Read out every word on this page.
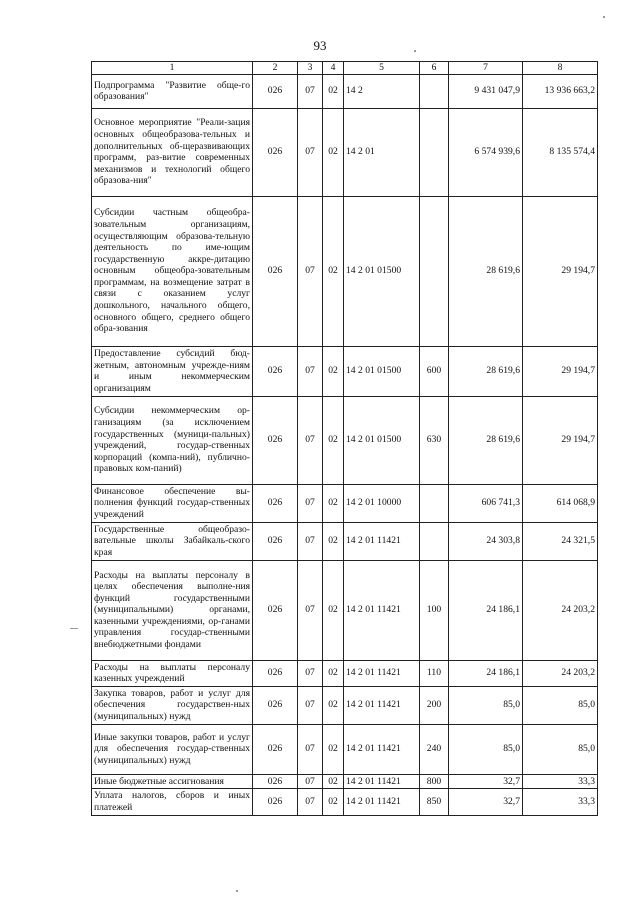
93
1	2	3	4	5	6	7	8
Подпрограмма "Развитие обще-го образования"	026	07	02	14 2		9 431 047,9	13 936 663,2
Основное мероприятие "Реали-зация основных общеобразова-тельных и дополнительных об-щеразвивающих программ, раз-витие современных механизмов и технологий общего образова-ния"	026	07	02	14 2 01		6 574 939,6	8 135 574,4
Субсидии частным общеобра-зовательным организациям, осуществляющим образова-тельную деятельность по име-ющим государственную аккре-дитацию основным общеобра-зовательным программам, на возмещение затрат в связи с оказанием услуг дошкольного, начального общего, основного общего, среднего общего обра-зования	026	07	02	14 2 01 01500		28 619,6	29 194,7
Предоставление субсидий бюд-жетным, автономным учрежде-ниям и иным некоммерческим организациям	026	07	02	14 2 01 01500	600	28 619,6	29 194,7
Субсидии некоммерческим ор-ганизациям (за исключением государственных (муници-пальных) учреждений, государ-ственных корпораций (компа-ний), публично-правовых ком-паний)	026	07	02	14 2 01 01500	630	28 619,6	29 194,7
Финансовое обеспечение вы-полнения функций государ-ственных учреждений	026	07	02	14 2 01 10000		606 741,3	614 068,9
Государственные общеобразо-вательные школы Забайкаль-ского края	026	07	02	14 2 01 11421		24 303,8	24 321,5
Расходы на выплаты персоналу в целях обеспечения выполне-ния функций государственными (муниципальными) органами, казенными учреждениями, ор-ганами управления государ-ственными внебюджетными фондами	026	07	02	14 2 01 11421	100	24 186,1	24 203,2
Расходы на выплаты персоналу казенных учреждений	026	07	02	14 2 01 11421	110	24 186,1	24 203,2
Закупка товаров, работ и услуг для обеспечения государствен-ных (муниципальных) нужд	026	07	02	14 2 01 11421	200	85,0	85,0
Иные закупки товаров, работ и услуг для обеспечения государ-ственных (муниципальных) нужд	026	07	02	14 2 01 11421	240	85,0	85,0
Иные бюджетные ассигнования	026	07	02	14 2 01 11421	800	32,7	33,3
Уплата налогов, сборов и иных платежей	026	07	02	14 2 01 11421	850	32,7	33,3
